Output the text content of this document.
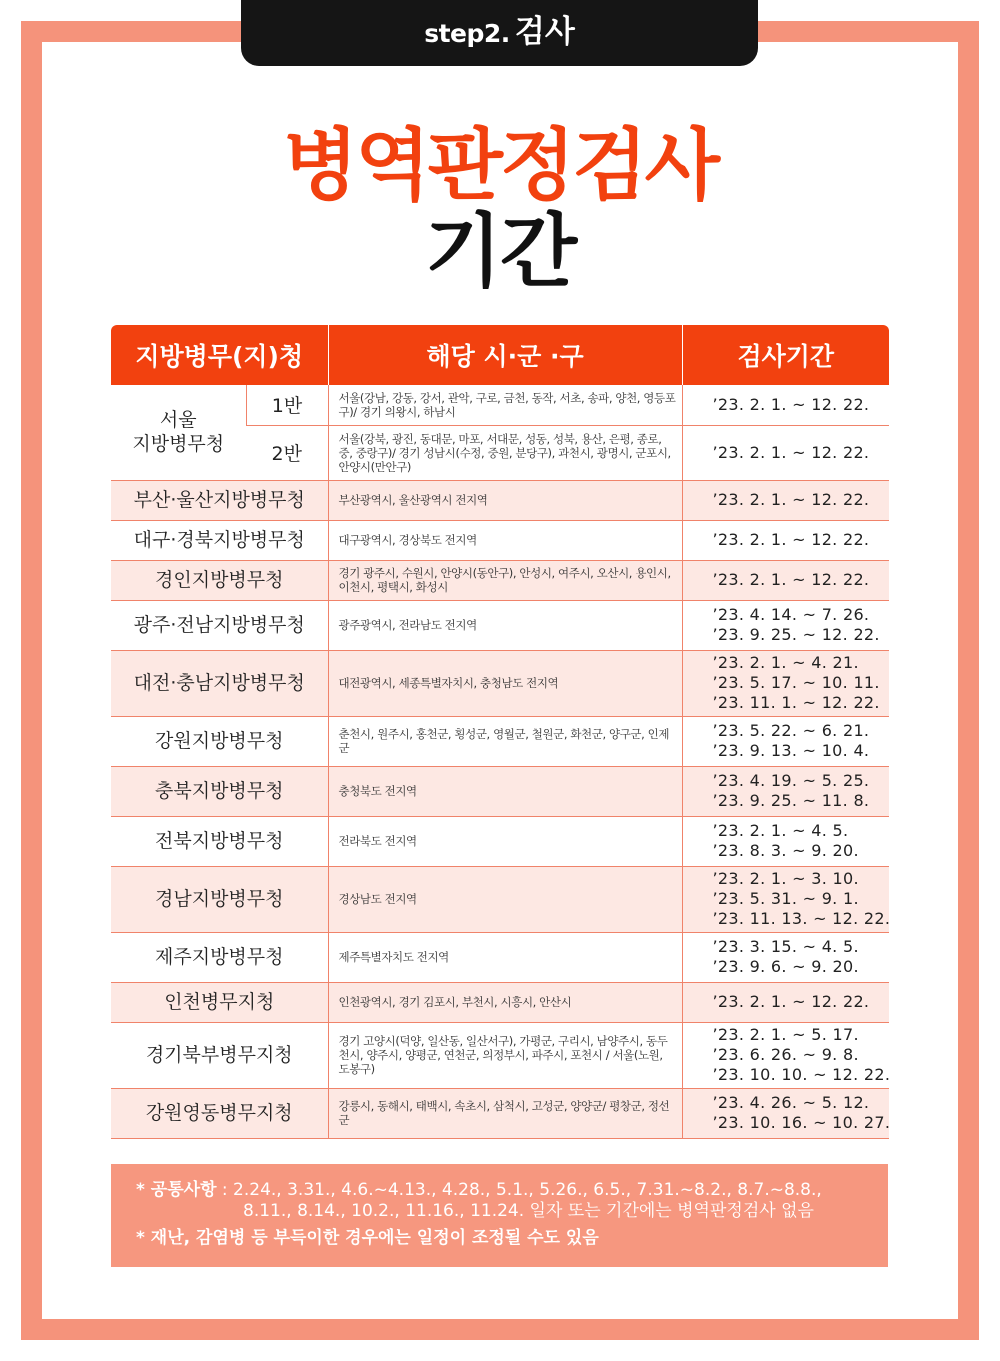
step2. 검사
병역판정검사
기간
지방병무(지)청		해당 시·군 ·구	검사기간

서울
지방병무청	1반	서울(강남, 강동, 강서, 관악, 구로, 금천, 동작, 서초, 송파, 양천, 영등포구)/ 경기 의왕시, 하남시	’23. 2. 1. ~ 12. 22.

	2반	서울(강북, 광진, 동대문, 마포, 서대문, 성동, 성북, 용산, 은평, 종로, 중, 중랑구)/ 경기 성남시(수정, 중원, 분당구), 과천시, 광명시, 군포시, 안양시(만안구)	’23. 2. 1. ~ 12. 22.

부산·울산지방병무청		부산광역시, 울산광역시 전지역	’23. 2. 1. ~ 12. 22.

대구·경북지방병무청		대구광역시, 경상북도 전지역	’23. 2. 1. ~ 12. 22.

경인지방병무청		경기 광주시, 수원시, 안양시(동안구), 안성시, 여주시, 오산시, 용인시, 이천시, 평택시, 화성시	’23. 2. 1. ~ 12. 22.

광주·전남지방병무청		광주광역시, 전라남도 전지역	’23. 4. 14. ~ 7. 26.
’23. 9. 25. ~ 12. 22.

대전·충남지방병무청		대전광역시, 세종특별자치시, 충청남도 전지역	’23. 2. 1. ~ 4. 21.
’23. 5. 17. ~ 10. 11.
’23. 11. 1. ~ 12. 22.

강원지방병무청		춘천시, 원주시, 홍천군, 횡성군, 영월군, 철원군, 화천군, 양구군, 인제군	’23. 5. 22. ~ 6. 21.
’23. 9. 13. ~ 10. 4.

충북지방병무청		충청북도 전지역	’23. 4. 19. ~ 5. 25.
’23. 9. 25. ~ 11. 8.

전북지방병무청		전라북도 전지역	’23. 2. 1. ~ 4. 5.
’23. 8. 3. ~ 9. 20.

경남지방병무청		경상남도 전지역	’23. 2. 1. ~ 3. 10.
’23. 5. 31. ~ 9. 1.
’23. 11. 13. ~ 12. 22.

제주지방병무청		제주특별자치도 전지역	’23. 3. 15. ~ 4. 5.
’23. 9. 6. ~ 9. 20.

인천병무지청		인천광역시, 경기 김포시, 부천시, 시흥시, 안산시	’23. 2. 1. ~ 12. 22.

경기북부병무지청		경기 고양시(덕양, 일산동, 일산서구), 가평군, 구리시, 남양주시, 동두천시, 양주시, 양평군, 연천군, 의정부시, 파주시, 포천시 / 서울(노원, 도봉구)	’23. 2. 1. ~ 5. 17.
’23. 6. 26. ~ 9. 8.
’23. 10. 10. ~ 12. 22.

강원영동병무지청		강릉시, 동해시, 태백시, 속초시, 삼척시, 고성군, 양양군/ 평창군, 정선군	’23. 4. 26. ~ 5. 12.
’23. 10. 16. ~ 10. 27.
* 공통사항 : 2.24., 3.31., 4.6.~4.13., 4.28., 5.1., 5.26., 6.5., 7.31.~8.2., 8.7.~8.8.,
8.11., 8.14., 10.2., 11.16., 11.24. 일자 또는 기간에는 병역판정검사 없음
* 재난, 감염병 등 부득이한 경우에는 일정이 조정될 수도 있음
